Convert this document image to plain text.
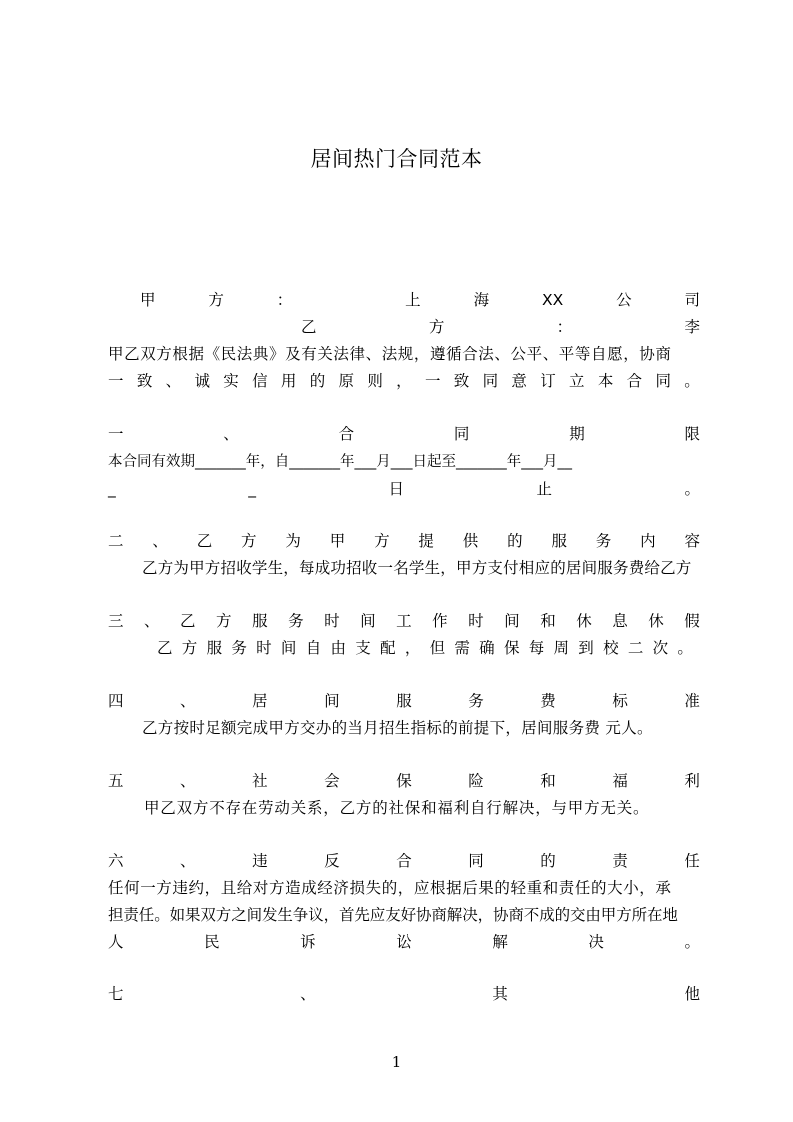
居间热门合同范本
甲	方	：	上	海	XX	公	司
乙	方	：	李
甲乙双方根据《民法典》及有关法律、法规，遵循合法、公平、平等自愿，协商
一 致 、 诚 实 信 用 的 原 则 ， 一 致 同 意 订 立 本 合 同 。
一	、	合	同	期	限
本合同有效期_______年，自_______年___月___日起至_______年___月__
_	_	日	止	。
二 、 乙 方 为 甲 方 提 供 的 服 务 内 容
乙方为甲方招收学生，每成功招收一名学生，甲方支付相应的居间服务费给乙方
三 、 乙 方 服 务 时 间 工 作 时 间 和 休 息 休 假
乙 方 服 务 时 间 自 由 支 配 ， 但 需 确 保 每 周 到 校 二 次 。
四	、	居	间	服	务	费	标	准
乙方按时足额完成甲方交办的当月招生指标的前提下，居间服务费 元人。
五	、	社	会	保	险	和	福	利
甲乙双方不存在劳动关系，乙方的社保和福利自行解决，与甲方无关。
六	、	违	反	合	同	的	责	任
任何一方违约，且给对方造成经济损失的，应根据后果的轻重和责任的大小，承
担责任。如果双方之间发生争议，首先应友好协商解决，协商不成的交由甲方所在地
人	民	诉	讼	解	决	。
七	、	其	他
1
